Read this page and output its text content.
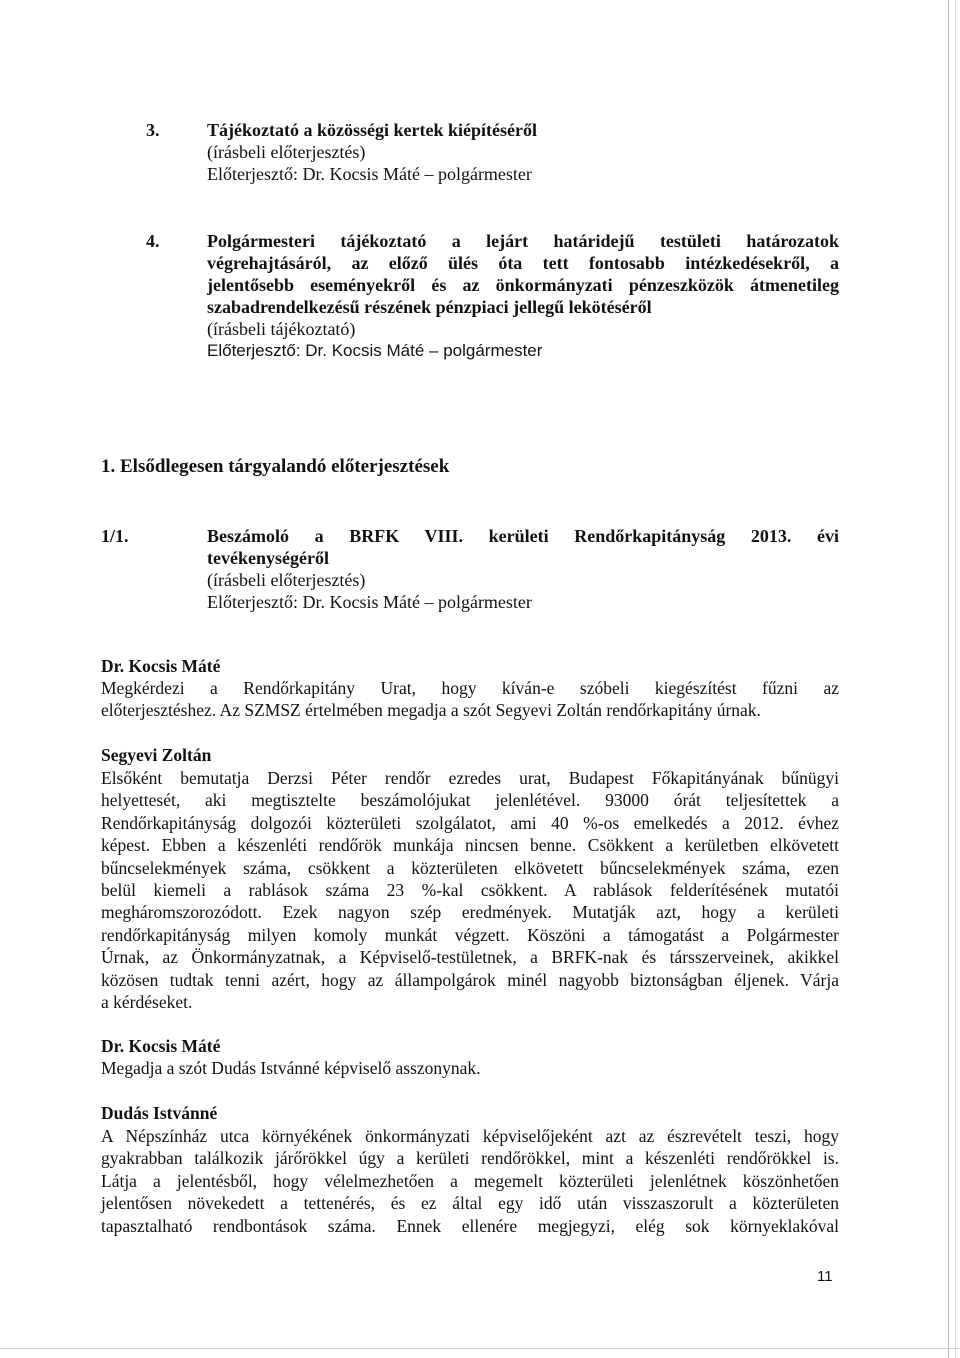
3.	Tájékoztató a közösségi kertek kiépítéséről
(írásbeli előterjesztés)
Előterjesztő: Dr. Kocsis Máté – polgármester
4.	Polgármesteri tájékoztató a lejárt határidejű testületi határozatok
végrehajtásáról, az előző ülés óta tett fontosabb intézkedésekről, a
jelentősebb eseményekről és az önkormányzati pénzeszközök átmenetileg
szabadrendelkezésű részének pénzpiaci jellegű lekötéséről
(írásbeli tájékoztató)
Előterjesztő: Dr. Kocsis Máté – polgármester
1. Elsődlegesen tárgyalandó előterjesztések
1/1.	Beszámoló a BRFK VIII. kerületi Rendőrkapitányság 2013. évi
tevékenységéről
(írásbeli előterjesztés)
Előterjesztő: Dr. Kocsis Máté – polgármester
Dr. Kocsis Máté
Megkérdezi a Rendőrkapitány Urat, hogy kíván-e szóbeli kiegészítést fűzni az
előterjesztéshez. Az SZMSZ értelmében megadja a szót Segyevi Zoltán rendőrkapitány úrnak.
Segyevi Zoltán
Elsőként bemutatja Derzsi Péter rendőr ezredes urat, Budapest Főkapitányának bűnügyi
helyettesét, aki megtisztelte beszámolójukat jelenlétével. 93000 órát teljesítettek a
Rendőrkapitányság dolgozói közterületi szolgálatot, ami 40 %-os emelkedés a 2012. évhez
képest. Ebben a készenléti rendőrök munkája nincsen benne. Csökkent a kerületben elkövetett
bűncselekmények száma, csökkent a közterületen elkövetett bűncselekmények száma, ezen
belül kiemeli a rablások száma 23 %-kal csökkent. A rablások felderítésének mutatói
megháromszorozódott. Ezek nagyon szép eredmények. Mutatják azt, hogy a kerületi
rendőrkapitányság milyen komoly munkát végzett. Köszöni a támogatást a Polgármester
Úrnak, az Önkormányzatnak, a Képviselő-testületnek, a BRFK-nak és társszerveinek, akikkel
közösen tudtak tenni azért, hogy az állampolgárok minél nagyobb biztonságban éljenek. Várja
a kérdéseket.
Dr. Kocsis Máté
Megadja a szót Dudás Istvánné képviselő asszonynak.
Dudás Istvánné
A Népszínház utca környékének önkormányzati képviselőjeként azt az észrevételt teszi, hogy
gyakrabban találkozik járőrökkel úgy a kerületi rendőrökkel, mint a készenléti rendőrökkel is.
Látja a jelentésből, hogy vélelmezhetően a megemelt közterületi jelenlétnek köszönhetően
jelentősen növekedett a tettenérés, és ez által egy idő után visszaszorult a közterületen
tapasztalható rendbontások száma. Ennek ellenére megjegyzi, elég sok környeklakóval
11
